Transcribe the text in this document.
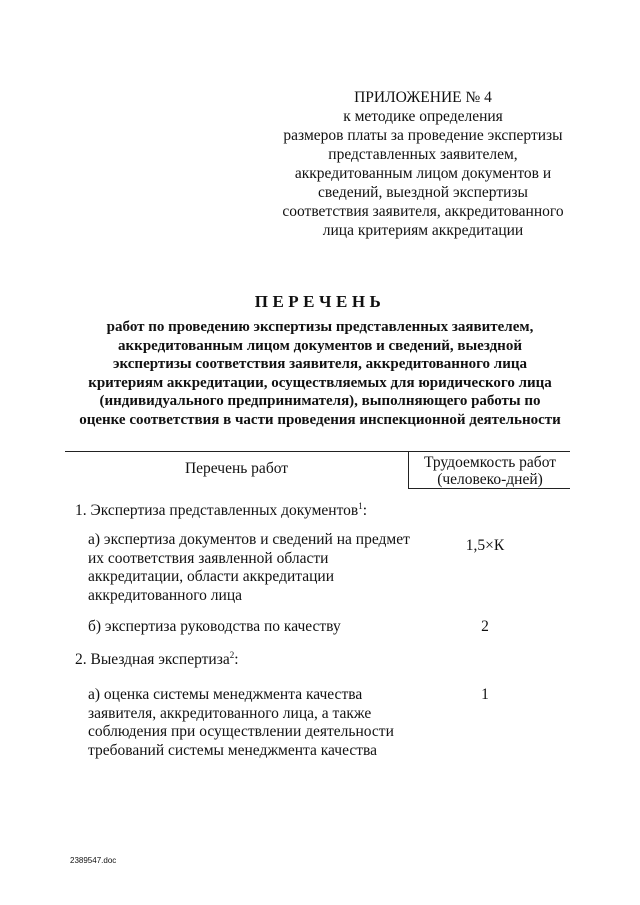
ПРИЛОЖЕНИЕ № 4
к методике определения
размеров платы за проведение экспертизы
представленных заявителем,
аккредитованным лицом документов и
сведений, выездной экспертизы
соответствия заявителя, аккредитованного
лица критериям аккредитации
ПЕРЕЧЕНЬ
работ по проведению экспертизы представленных заявителем,
аккредитованным лицом документов и сведений, выездной
экспертизы соответствия заявителя, аккредитованного лица
критериям аккредитации, осуществляемых для юридического лица
(индивидуального предпринимателя), выполняющего работы по
оценке соответствия в части проведения инспекционной деятельности
Перечень работ	Трудоемкость работ
(человеко-дней)
1. Экспертиза представленных документов$^1$:
а) экспертиза документов и сведений на предмет
их соответствия заявленной области
аккредитации, области аккредитации
аккредитованного лица
1,5×К
б) экспертиза руководства по качеству	2
2. Выездная экспертиза$^2$:
а) оценка системы менеджмента качества
заявителя, аккредитованного лица, а также
соблюдения при осуществлении деятельности
требований системы менеджмента качества
1
2389547.doc
